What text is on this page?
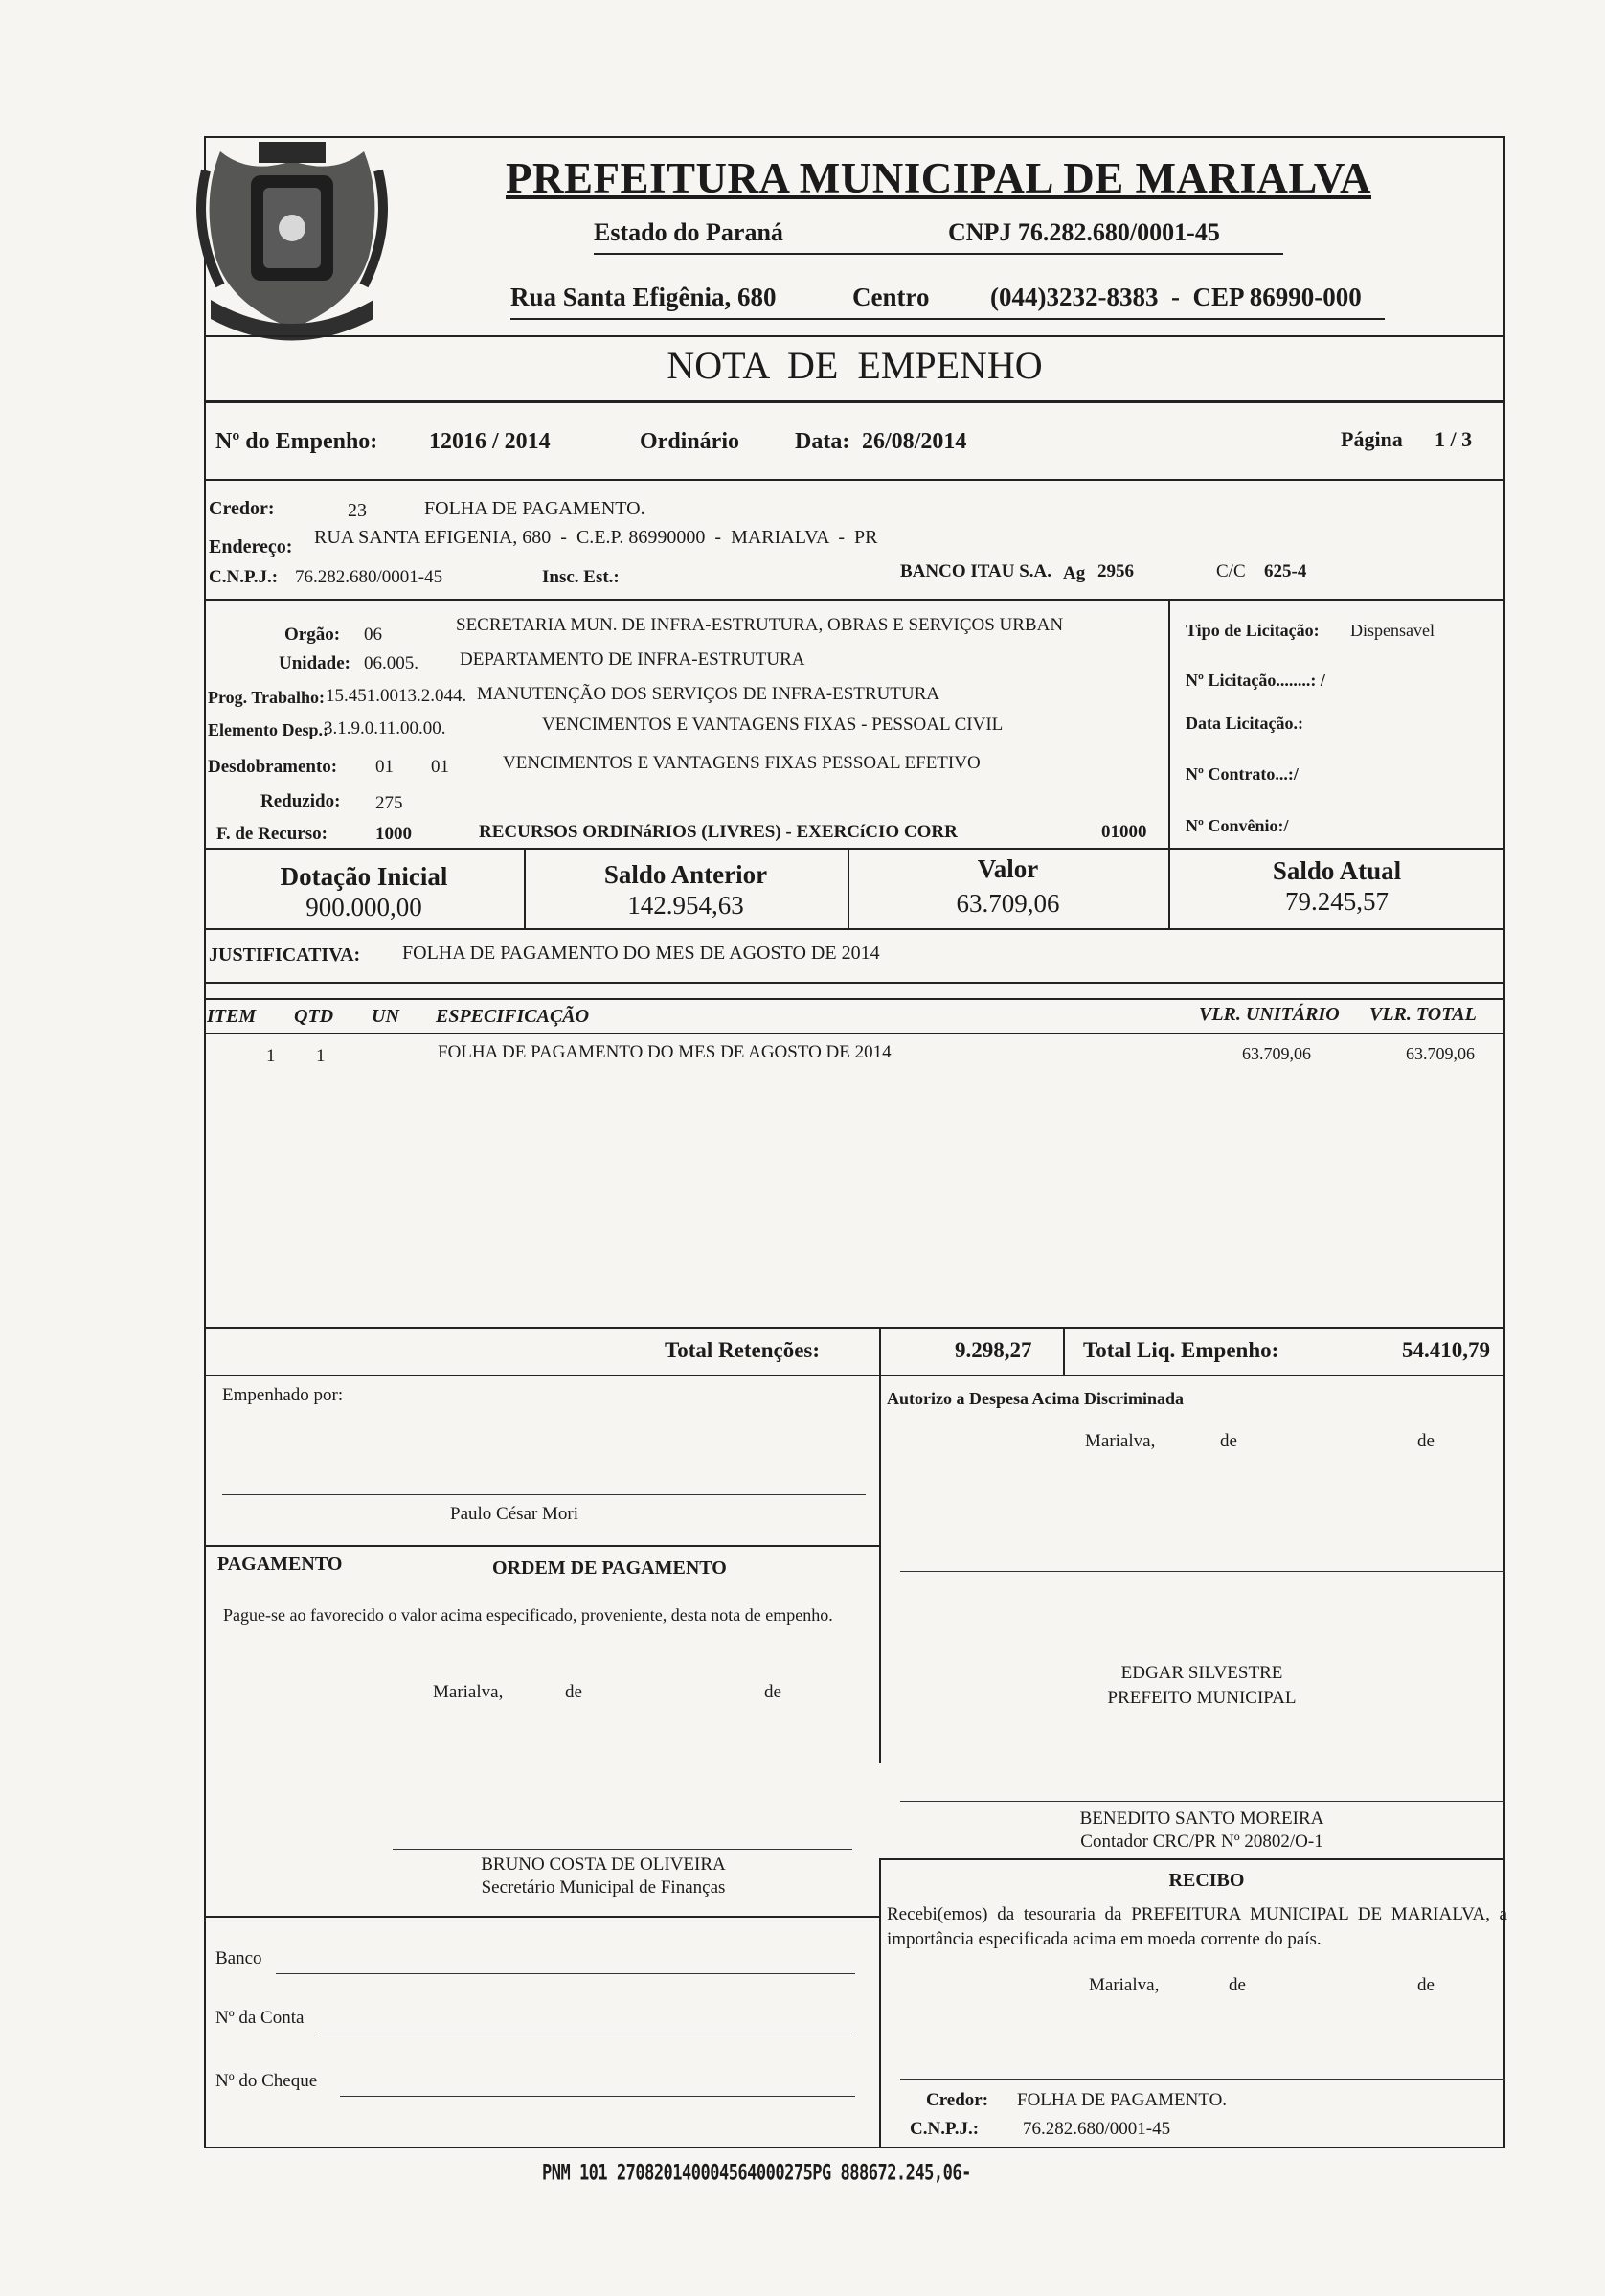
PREFEITURA MUNICIPAL DE MARIALVA
Estado do Paraná	CNPJ 76.282.680/0001-45
Rua Santa Efigênia, 680	Centro (044)3232-8383  -  CEP 86990-000
NOTA  DE  EMPENHO
Nº do Empenho: 12016 / 2014	Ordinário Data: 26/08/2014	Página 1 / 3
Credor:	23	FOLHA DE PAGAMENTO.
Endereço: RUA SANTA EFIGENIA, 680  -  C.E.P. 86990000  -  MARIALVA  -  PR
C.N.P.J.: 76.282.680/0001-45	Insc. Est.:	BANCO ITAU S.A. Ag 2956	C/C 625-4
Orgão: 06	SECRETARIA MUN. DE INFRA-ESTRUTURA, OBRAS E SERVIÇOS URBAN
Unidade: 06.005. DEPARTAMENTO DE INFRA-ESTRUTURA
Prog. Trabalho: 15.451.0013.2.044. MANUTENÇÃO DOS SERVIÇOS DE INFRA-ESTRUTURA
Elemento Desp.:
3.1.9.0.11.00.00.	VENCIMENTOS E VANTAGENS FIXAS - PESSOAL CIVIL
Desdobramento: 01 01	VENCIMENTOS E VANTAGENS FIXAS PESSOAL EFETIVO
Reduzido: 275
F. de Recurso:	1000	RECURSOS ORDINáRIOS (LIVRES) - EXERCíCIO CORR	01000
Tipo de Licitação: Dispensavel
Nº Licitação........: /
Data Licitação.:
Nº Contrato...:/
Nº Convênio:/
Dotação Inicial
900.000,00
Saldo Anterior
142.954,63
Valor
63.709,06
Saldo Atual
79.245,57
JUSTIFICATIVA: FOLHA DE PAGAMENTO DO MES DE AGOSTO DE 2014
ITEM QTD UN ESPECIFICAÇÃO	VLR. UNITÁRIO VLR. TOTAL
1 1	FOLHA DE PAGAMENTO DO MES DE AGOSTO DE 2014	63.709,06	63.709,06
Total Retenções:	9.298,27 Total Liq. Empenho:	54.410,79
Empenhado por:
Paulo César Mori
Autorizo a Despesa Acima Discriminada
Marialva,	de	de
PAGAMENTO	ORDEM DE PAGAMENTO
Pague-se ao favorecido o valor acima especificado, proveniente, desta nota de empenho.
Marialva,	de	de
EDGAR SILVESTRE
PREFEITO MUNICIPAL
BENEDITO SANTO MOREIRA
Contador CRC/PR Nº 20802/O-1
BRUNO COSTA DE OLIVEIRA
Secretário Municipal de Finanças	RECIBO
Recebi(emos) da tesouraria da PREFEITURA MUNICIPAL DE MARIALVA, a importância especificada acima em moeda corrente do país.
Marialva,	de	de
Credor: FOLHA DE PAGAMENTO.
C.N.P.J.: 76.282.680/0001-45
Banco
Nº da Conta
Nº do Cheque
PNM 101 270820140004564000275PG 888672.245,06-
